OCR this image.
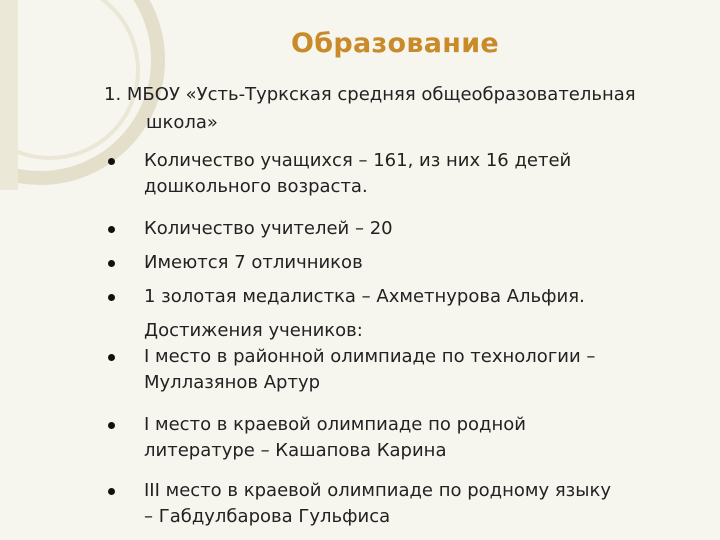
Образование
1. МБОУ «Усть-Туркская средняя общеобразовательная
школа»
Количество учащихся – 161, из них 16 детей
дошкольного возраста.
Количество учителей – 20
Имеются 7 отличников
1 золотая медалистка – Ахметнурова Альфия.
Достижения учеников:
I место в районной олимпиаде по технологии –
Муллазянов Артур
I место в краевой олимпиаде по родной
литературе – Кашапова Карина
III место в краевой олимпиаде по родному языку
– Габдулбарова Гульфиса
